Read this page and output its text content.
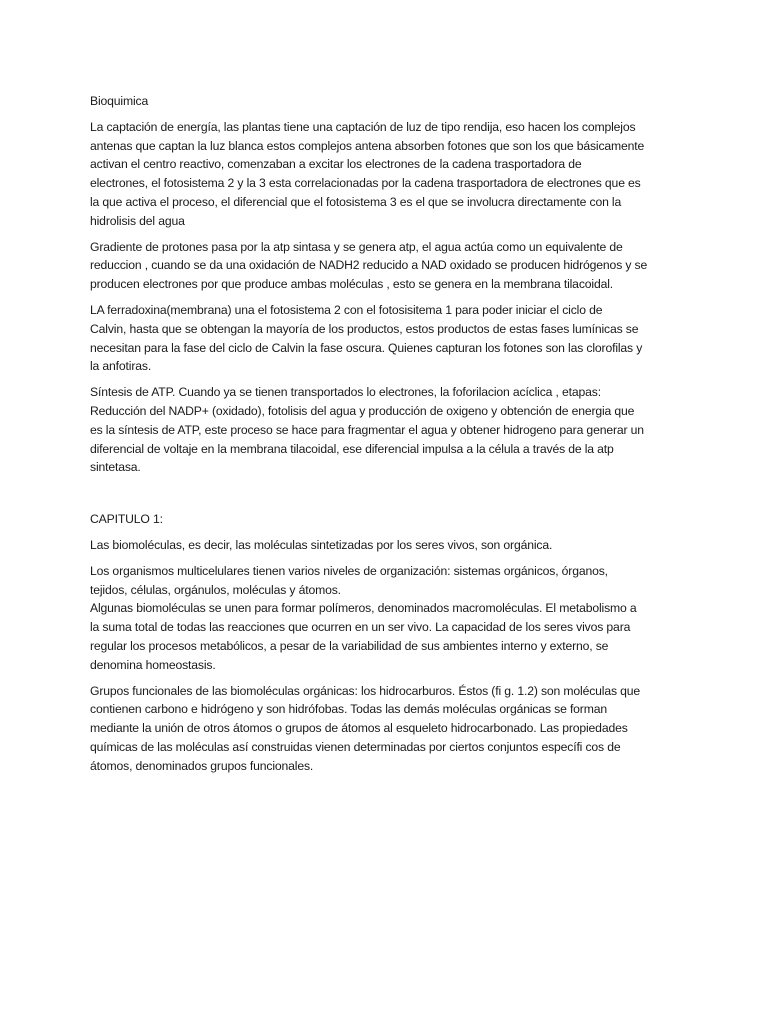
Bioquimica

La captación de energía, las plantas tiene una captación de luz de tipo rendija, eso hacen los complejos
antenas que captan la luz blanca estos complejos antena absorben fotones que son los que básicamente
activan el centro reactivo, comenzaban a excitar los electrones de la cadena trasportadora de
electrones, el fotosistema 2 y la 3 esta correlacionadas por la cadena trasportadora de electrones que es
la que activa el proceso, el diferencial que el fotosistema 3 es el que se involucra directamente con la
hidrolisis del agua

Gradiente de protones pasa por la atp sintasa y se genera atp, el agua actúa como un equivalente de
reduccion , cuando se da una oxidación de NADH2 reducido a NAD oxidado se producen hidrógenos y se
producen electrones por que produce ambas moléculas , esto se genera en la membrana tilacoidal.

LA ferradoxina(membrana) una el fotosistema 2 con el fotosisitema 1 para poder iniciar el ciclo de
Calvin, hasta que se obtengan la mayoría de los productos, estos productos de estas fases lumínicas se
necesitan para la fase del ciclo de Calvin la fase oscura. Quienes capturan los fotones son las clorofilas y
la anfotiras.

Síntesis de ATP. Cuando ya se tienen transportados lo electrones, la foforilacion acíclica , etapas:
Reducción del NADP+ (oxidado), fotolisis del agua y producción de oxigeno y obtención de energia que
es la síntesis de ATP, este proceso se hace para fragmentar el agua y obtener hidrogeno para generar un
diferencial de voltaje en la membrana tilacoidal, ese diferencial impulsa a la célula a través de la atp
sintetasa.

CAPITULO 1:

Las biomoléculas, es decir, las moléculas sintetizadas por los seres vivos, son orgánica.

Los organismos multicelulares tienen varios niveles de organización: sistemas orgánicos, órganos,
tejidos, células, orgánulos, moléculas y átomos.
Algunas biomoléculas se unen para formar polímeros, denominados macromoléculas. El metabolismo a
la suma total de todas las reacciones que ocurren en un ser vivo. La capacidad de los seres vivos para
regular los procesos metabólicos, a pesar de la variabilidad de sus ambientes interno y externo, se
denomina homeostasis.

Grupos funcionales de las biomoléculas orgánicas: los hidrocarburos. Éstos (fi g. 1.2) son moléculas que
contienen carbono e hidrógeno y son hidrófobas. Todas las demás moléculas orgánicas se forman
mediante la unión de otros átomos o grupos de átomos al esqueleto hidrocarbonado. Las propiedades
químicas de las moléculas así construidas vienen determinadas por ciertos conjuntos específi cos de
átomos, denominados grupos funcionales.
